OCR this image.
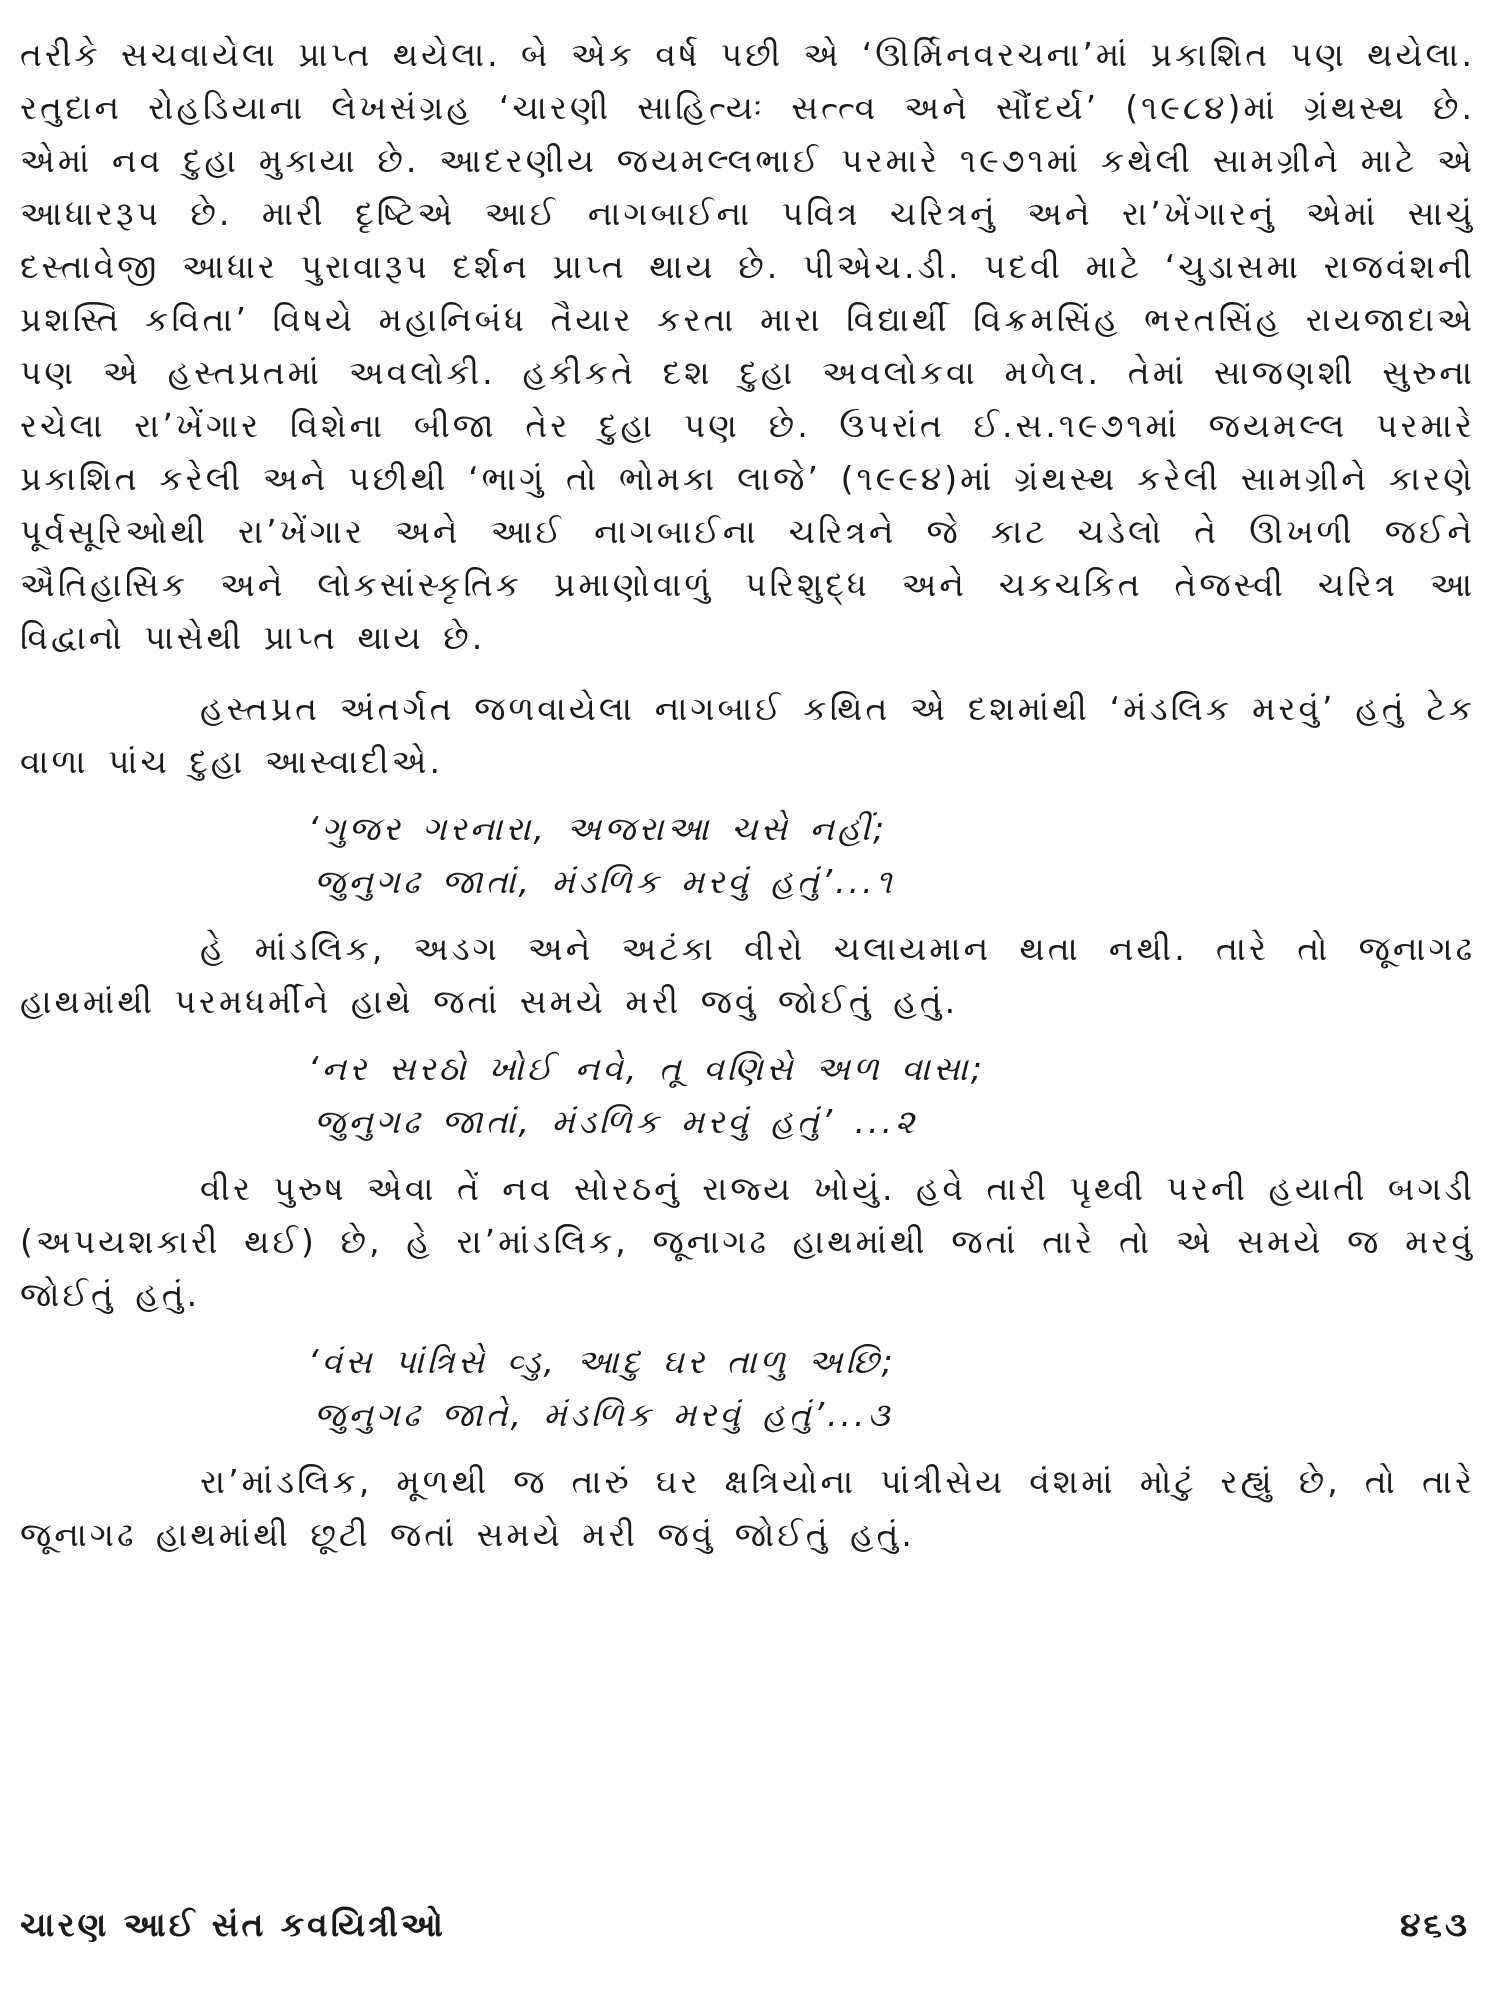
તરીકે સચવાયેલા પ્રાપ્ત થયેલા. બે એક વર્ષ પછી એ ‘ઊર્મિનવરચના’માં પ્રકાશિત પણ થયેલા. રતુદાન રોહડિયાના લેખસંગ્રહ ‘ચારણી સાહિત્યઃ સત્ત્વ અને સૌંદર્ય’ (૧૯૮૪)માં ગ્રંથસ્થ છે. એમાં નવ દુહા મુકાયા છે. આદરણીય જયમલ્લભાઈ પરમારે ૧૯૭૧માં કથેલી સામગ્રીને માટે એ આધારરૂપ છે. મારી દૃષ્ટિએ આઈ નાગબાઈના પવિત્ર ચરિત્રનું અને રા’ખેંગારનું એમાં સાચું દસ્તાવેજી આધાર પુરાવારૂપ દર્શન પ્રાપ્ત થાય છે. પીએચ.ડી. પદવી માટે ‘ચુડાસમા રાજવંશની પ્રશસ્તિ કવિતા’ વિષયે મહાનિબંધ તૈયાર કરતા મારા વિદ્યાર્થી વિક્રમસિંહ ભરતસિંહ રાયજાદાએ પણ એ હસ્તપ્રતમાં અવલોકી. હકીકતે દશ દુહા અવલોકવા મળેલ. તેમાં સાજણશી સુરુના રચેલા રા’ખેંગાર વિશેના બીજા તેર દુહા પણ છે. ઉપરાંત ઈ.સ.૧૯૭૧માં જયમલ્લ પરમારે પ્રકાશિત કરેલી અને પછીથી ‘ભાગું તો ભોમકા લાજે’ (૧૯૯૪)માં ગ્રંથસ્થ કરેલી સામગ્રીને કારણે પૂર્વસૂરિઓથી રા’ખેંગાર અને આઈ નાગબાઈના ચરિત્રને જે કાટ ચડેલો તે ઊખળી જઈને ઐતિહાસિક અને લોકસાંસ્કૃતિક પ્રમાણોવાળું પરિશુદ્ધ અને ચકચકિત તેજસ્વી ચરિત્ર આ વિદ્વાનો પાસેથી પ્રાપ્ત થાય છે.

હસ્તપ્રત અંતર્ગત જળવાયેલા નાગબાઈ કથિત એ દશમાંથી ‘મંડલિક મરવું’ હતું ટેક વાળા પાંચ દુહા આસ્વાદીએ.

‘ગુજર ગરનારા, અજરાઆ ચસે નહીં;
જુનુગઢ જાતાં, મંડળિક મરવું હતું’...૧

હે માંડલિક, અડગ અને અટંકા વીરો ચલાયમાન થતા નથી. તારે તો જૂનાગઢ હાથમાંથી પરમધર્મીને હાથે જતાં સમયે મરી જવું જોઈતું હતું.

‘નર સરઠો ખોઈ નવે, તૂ વણિસે અળ વાસા;
જુનુગઢ જાતાં, મંડળિક મરવું હતું’ ...૨

વીર પુરુષ એવા તેં નવ સોરઠનું રાજ્ય ખોયું. હવે તારી પૃથ્વી પરની હયાતી બગડી (અપયશકારી થઈ) છે, હે રા’માંડલિક, જૂનાગઢ હાથમાંથી જતાં તારે તો એ સમયે જ મરવું જોઈતું હતું.

‘વંસ પાંત્રિસે વ્ડુ, આદુ ઘર તાળુ અછિ;
જુનુગઢ જાતે, મંડળિક મરવું હતું’...૩

રા’માંડલિક, મૂળથી જ તારું ઘર ક્ષત્રિયોના પાંત્રીસેય વંશમાં મોટું રહ્યું છે, તો તારે જૂનાગઢ હાથમાંથી છૂટી જતાં સમયે મરી જવું જોઈતું હતું.

ચારણ આઈ સંત કવયિત્રીઓ	૪૬૩
